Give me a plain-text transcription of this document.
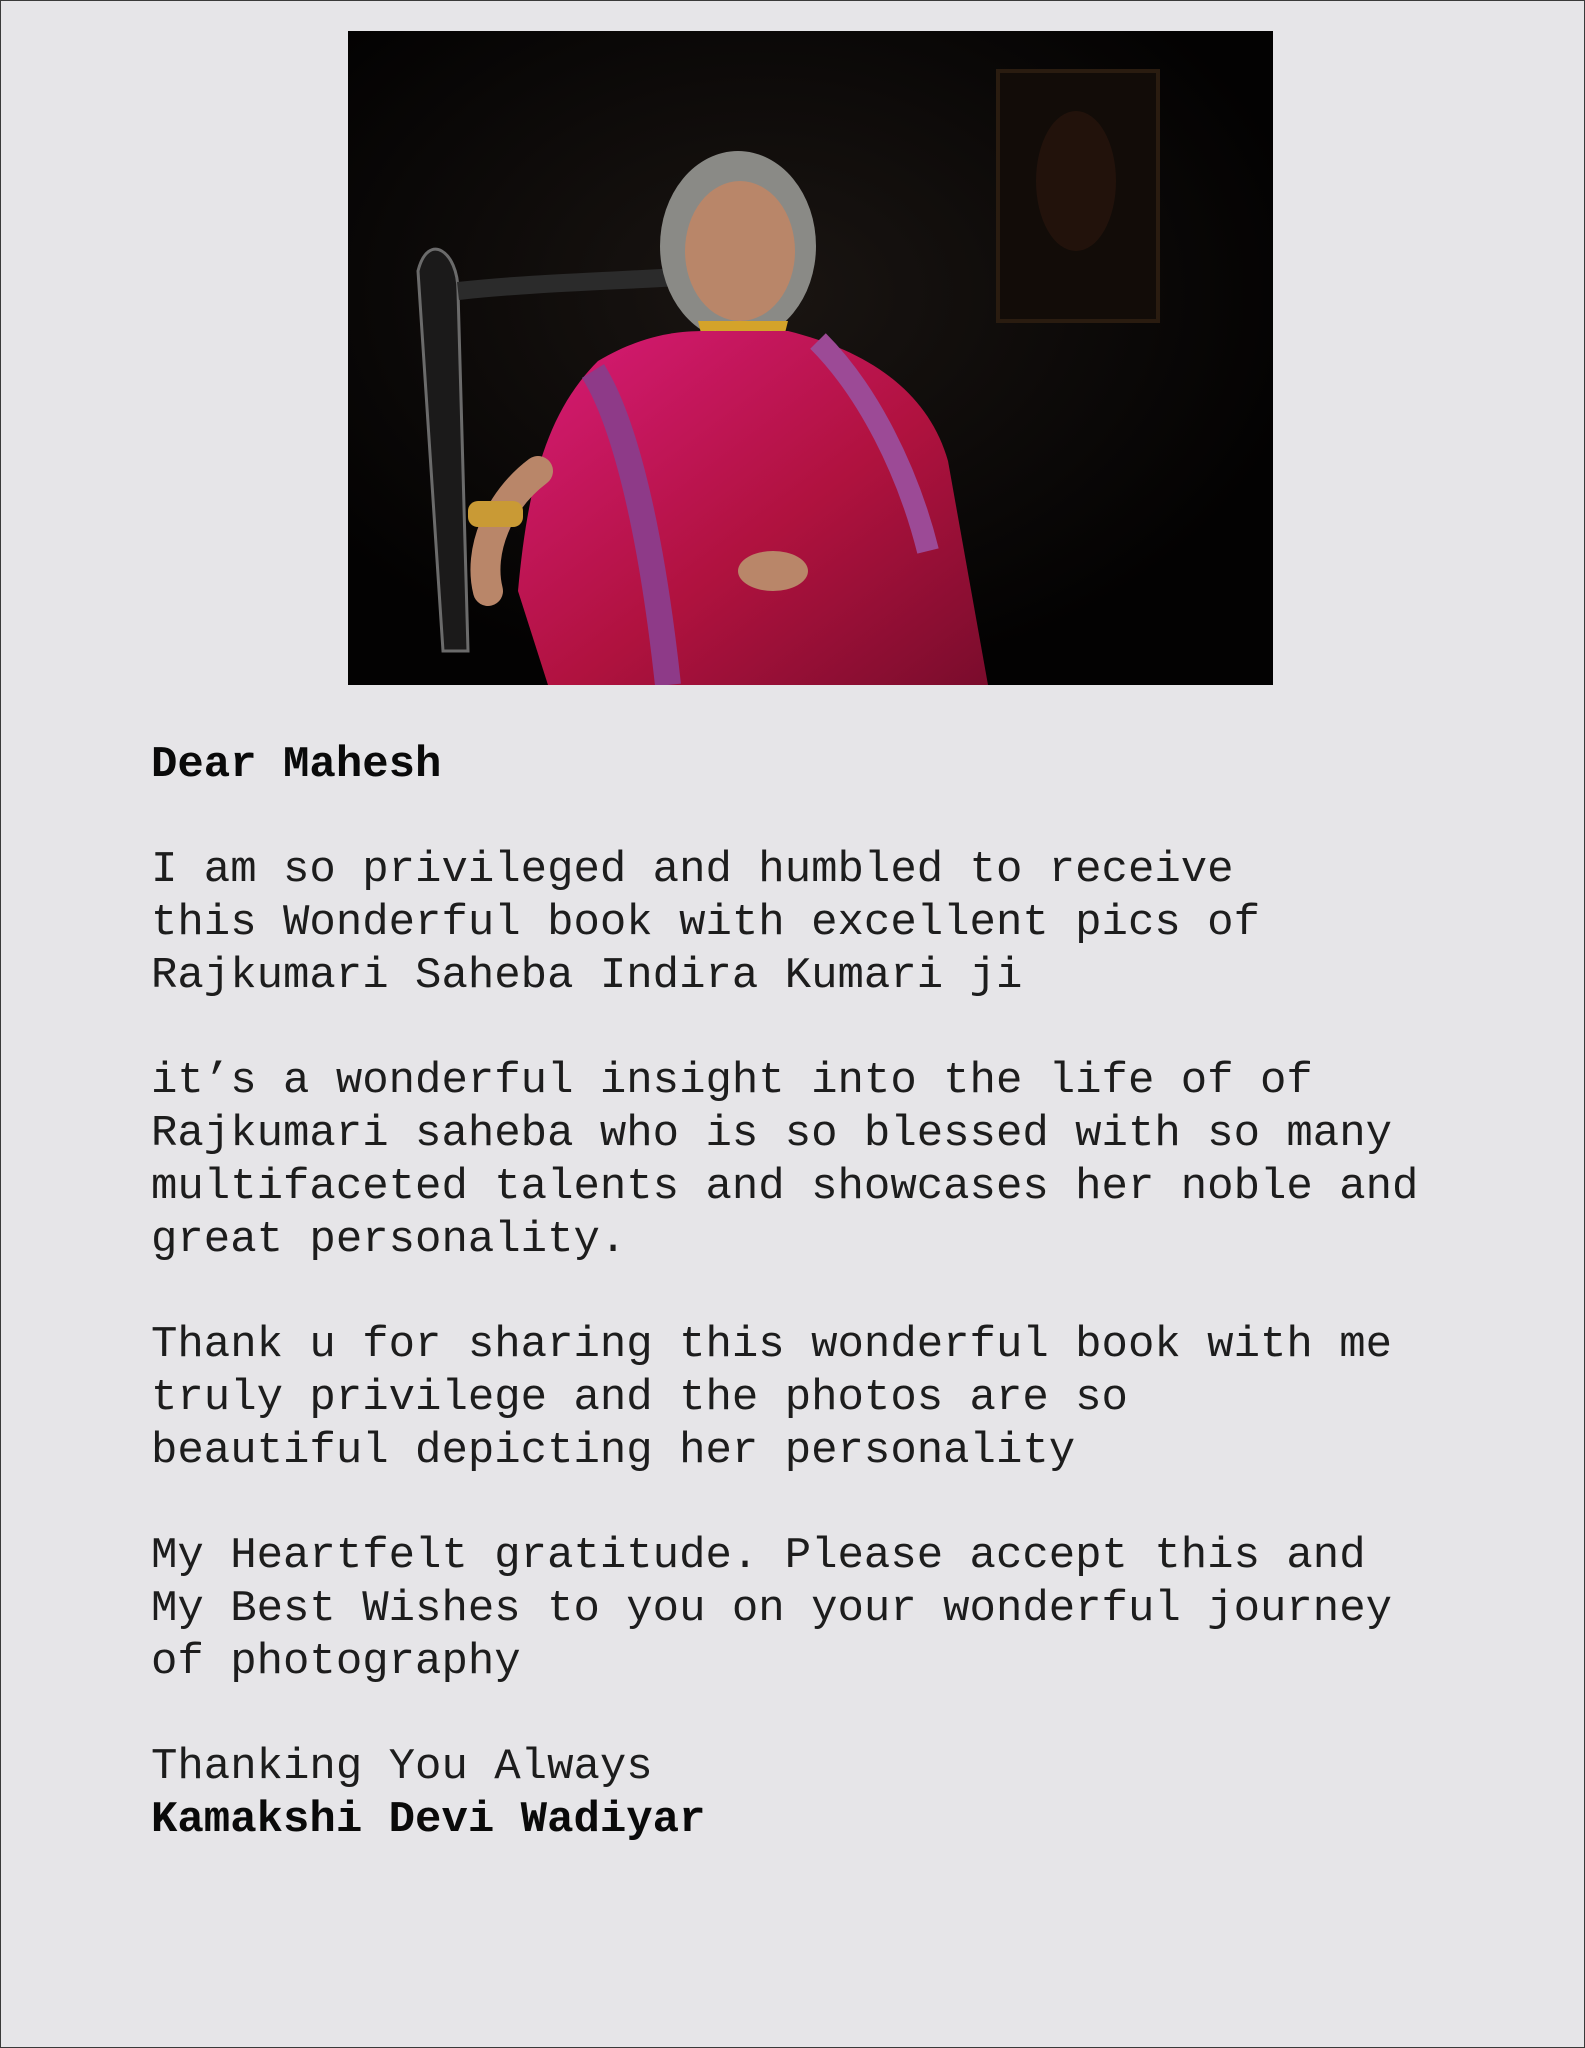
Dear Mahesh
I am so privileged and humbled to receive
this Wonderful book with excellent pics of
Rajkumari Saheba Indira Kumari ji
it’s a wonderful insight into the life of of
Rajkumari saheba who is so blessed with so many
multifaceted talents and showcases her noble and
great personality.
Thank u for sharing this wonderful book with me
truly privilege and the photos are so
beautiful depicting her personality
My Heartfelt gratitude. Please accept this and
My Best Wishes to you on your wonderful journey
of photography
Thanking You Always
Kamakshi Devi Wadiyar
